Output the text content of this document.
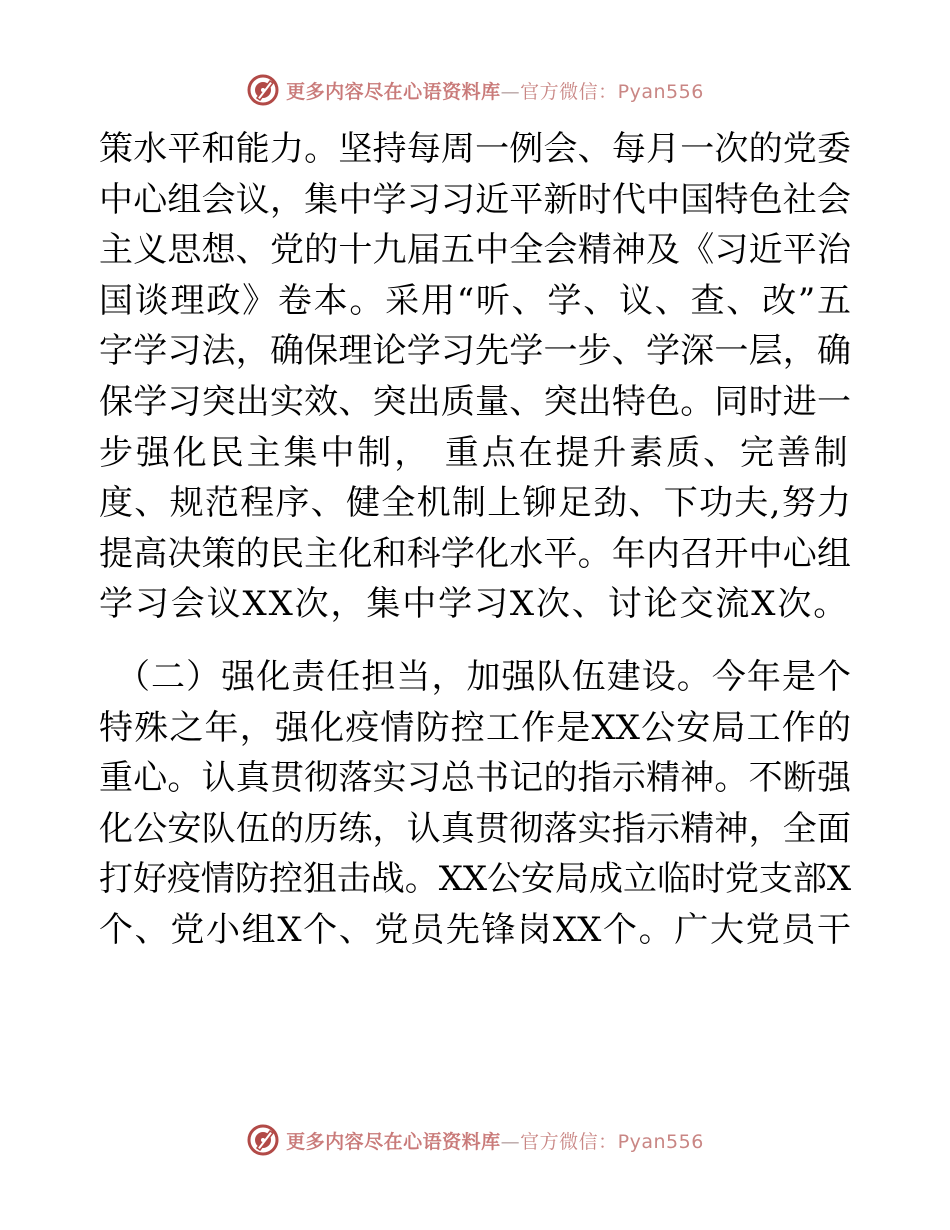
更多内容尽在心语资料库—官方微信：Pyan556

策水平和能力。坚持每周一例会、每月一次的党委
中心组会议，集中学习习近平新时代中国特色社会
主义思想、党的十九届五中全会精神及《习近平治
国谈理政》卷本。采用“听、学、议、查、改”五
字学习法，确保理论学习先学一步、学深一层，确
保学习突出实效、突出质量、突出特色。同时进一
步强化民主集中制， 重点在提升素质、完善制
度、规范程序、健全机制上铆足劲、下功夫,努力
提高决策的民主化和科学化水平。年内召开中心组
学习会议XX次，集中学习X次、讨论交流X次。

（二）强化责任担当，加强队伍建设。今年是个
特殊之年，强化疫情防控工作是XX公安局工作的
重心。认真贯彻落实习总书记的指示精神。不断强
化公安队伍的历练，认真贯彻落实指示精神，全面
打好疫情防控狙击战。XX公安局成立临时党支部X
个、党小组X个、党员先锋岗XX个。广大党员干

更多内容尽在心语资料库—官方微信：Pyan556
